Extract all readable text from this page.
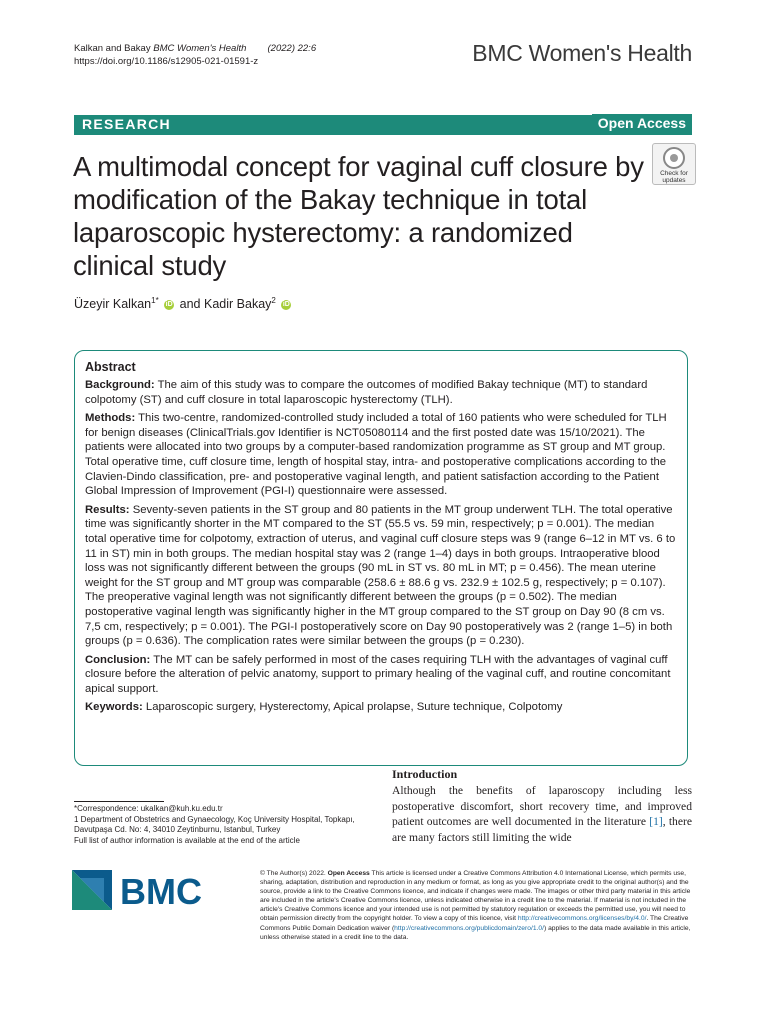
Kalkan and Bakay BMC Women's Health (2022) 22:6
https://doi.org/10.1186/s12905-021-01591-z	BMC Women's Health
RESEARCH	Open Access
A multimodal concept for vaginal cuff closure by modification of the Bakay technique in total laparoscopic hysterectomy: a randomized clinical study
Check for
updates
Üzeyir Kalkan$^{1*}$ iD and Kadir Bakay$^2$ iD
Abstract

Background: The aim of this study was to compare the outcomes of modified Bakay technique (MT) to standard colpotomy (ST) and cuff closure in total laparoscopic hysterectomy (TLH).

Methods: This two-centre, randomized-controlled study included a total of 160 patients who were scheduled for TLH for benign diseases (ClinicalTrials.gov Identifier is NCT05080114 and the first posted date was 15/10/2021). The patients were allocated into two groups by a computer-based randomization programme as ST group and MT group. Total operative time, cuff closure time, length of hospital stay, intra- and postoperative complications according to the Clavien-Dindo classification, pre- and postoperative vaginal length, and patient satisfaction according to the Patient Global Impression of Improvement (PGI-I) questionnaire were assessed.

Results: Seventy-seven patients in the ST group and 80 patients in the MT group underwent TLH. The total operative time was significantly shorter in the MT compared to the ST (55.5 vs. 59 min, respectively; p = 0.001). The median total operative time for colpotomy, extraction of uterus, and vaginal cuff closure steps was 9 (range 6–12 in MT vs. 6 to 11 in ST) min in both groups. The median hospital stay was 2 (range 1–4) days in both groups. Intraoperative blood loss was not significantly different between the groups (90 mL in ST vs. 80 mL in MT; p = 0.456). The mean uterine weight for the ST group and MT group was comparable (258.6 ± 88.6 g vs. 232.9 ± 102.5 g, respectively; p = 0.107). The preoperative vaginal length was not significantly different between the groups (p = 0.502). The median postoperative vaginal length was significantly higher in the MT group compared to the ST group on Day 90 (8 cm vs. 7,5 cm, respectively; p = 0.001). The PGI-I postoperatively score on Day 90 postoperatively was 2 (range 1–5) in both groups (p = 0.636). The complication rates were similar between the groups (p = 0.230).

Conclusion: The MT can be safely performed in most of the cases requiring TLH with the advantages of vaginal cuff closure before the alteration of pelvic anatomy, support to primary healing of the vaginal cuff, and routine concomitant apical support.

Keywords: Laparoscopic surgery, Hysterectomy, Apical prolapse, Suture technique, Colpotomy

Introduction
Although the benefits of laparoscopy including less postoperative discomfort, short recovery time, and improved patient outcomes are well documented in the literature [1], there are many factors still limiting the wide
*Correspondence: ukalkan@kuh.ku.edu.tr
1 Department of Obstetrics and Gynaecology, Koç University Hospital, Topkapı, Davutpaşa Cd. No: 4, 34010 Zeytinburnu, Istanbul, Turkey
Full list of author information is available at the end of the article
BMC	© The Author(s) 2022. Open Access This article is licensed under a Creative Commons Attribution 4.0 International License, which permits use, sharing, adaptation, distribution and reproduction in any medium or format, as long as you give appropriate credit to the original author(s) and the source, provide a link to the Creative Commons licence, and indicate if changes were made. The images or other third party material in this article are included in the article's Creative Commons licence, unless indicated otherwise in a credit line to the material. If material is not included in the article's Creative Commons licence and your intended use is not permitted by statutory regulation or exceeds the permitted use, you will need to obtain permission directly from the copyright holder. To view a copy of this licence, visit http://creativecommons.org/licenses/by/4.0/. The Creative Commons Public Domain Dedication waiver (http://creativecommons.org/publicdomain/zero/1.0/) applies to the data made available in this article, unless otherwise stated in a credit line to the data.
